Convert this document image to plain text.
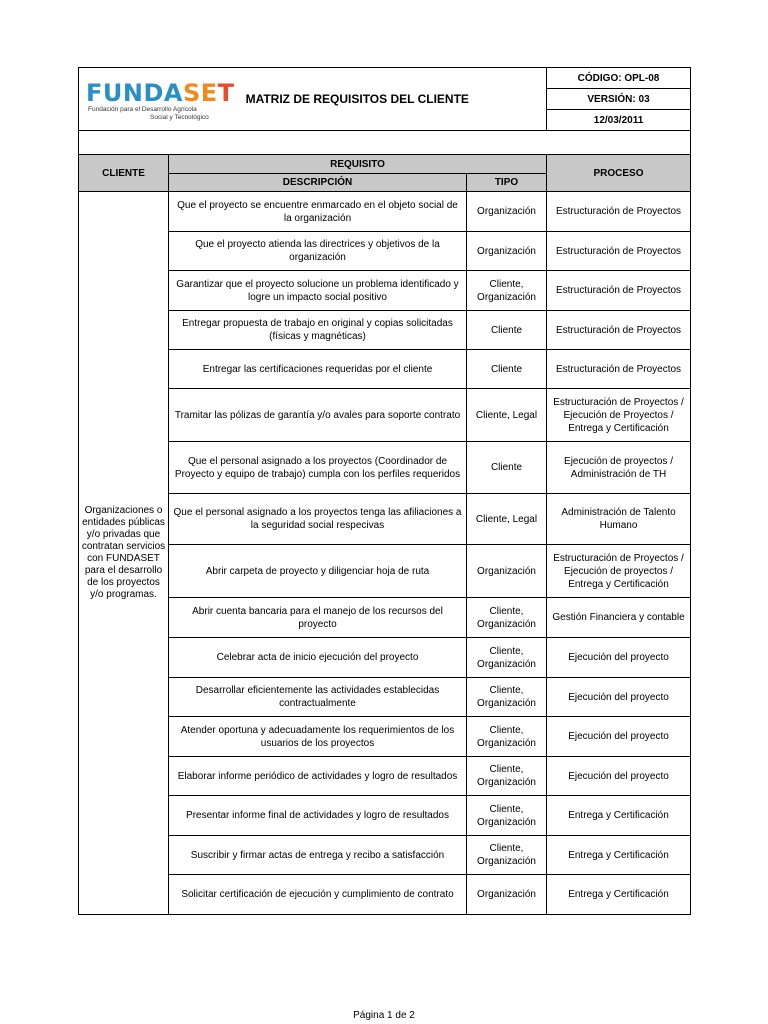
FUNDASET
Fundación para el Desarrollo Agrícola
Social y Tecnológico	MATRIZ DE REQUISITOS DEL CLIENTE		CÓDIGO: OPL-08
			VERSIÓN: 03
			12/03/2011

CLIENTE	REQUISITO		PROCESO
	DESCRIPCIÓN	TIPO	
Organizaciones o entidades públicas y/o privadas que contratan servicios con FUNDASET para el desarrollo de los proyectos y/o programas.	Que el proyecto se encuentre enmarcado en el objeto social de la organización	Organización	Estructuración de Proyectos
	Que el proyecto atienda las directrices y objetivos de la organización	Organización	Estructuración de Proyectos
	Garantizar que el proyecto solucione un problema identificado y logre un impacto social positivo	Cliente, Organización	Estructuración de Proyectos
	Entregar propuesta de trabajo en original y copias solicitadas (físicas y magnéticas)	Cliente	Estructuración de Proyectos
	Entregar las certificaciones requeridas por el cliente	Cliente	Estructuración de Proyectos
	Tramitar las pólizas de garantía y/o avales para soporte contrato	Cliente, Legal	Estructuración de Proyectos / Ejecución de Proyectos / Entrega y Certificación
	Que el personal asignado a los proyectos (Coordinador de Proyecto y equipo de trabajo) cumpla con los perfiles requeridos	Cliente	Ejecución de proyectos / Administración de TH
	Que el personal asignado a los proyectos tenga las afiliaciones a la seguridad social respecivas	Cliente, Legal	Administración de Talento Humano
	Abrir carpeta de proyecto y diligenciar hoja de ruta	Organización	Estructuración de Proyectos / Ejecución de proyectos / Entrega y Certificación
	Abrir cuenta bancaria para el manejo de los recursos del proyecto	Cliente, Organización	Gestión Financiera y contable
	Celebrar acta de inicio ejecución del proyecto	Cliente, Organización	Ejecución del proyecto
	Desarrollar eficientemente las actividades establecidas contractualmente	Cliente, Organización	Ejecución del proyecto
	Atender oportuna y adecuadamente los requerimientos de los usuarios de los proyectos	Cliente, Organización	Ejecución del proyecto
	Elaborar informe periódico de actividades y logro de resultados	Cliente, Organización	Ejecución del proyecto
	Presentar informe final de actividades y logro de resultados	Cliente, Organización	Entrega y Certificación
	Suscribir y firmar actas de entrega y recibo a satisfacción	Cliente, Organización	Entrega y Certificación
	Solicitar certificación de ejecución y cumplimiento de contrato	Organización	Entrega y Certificación
Página 1 de 2
